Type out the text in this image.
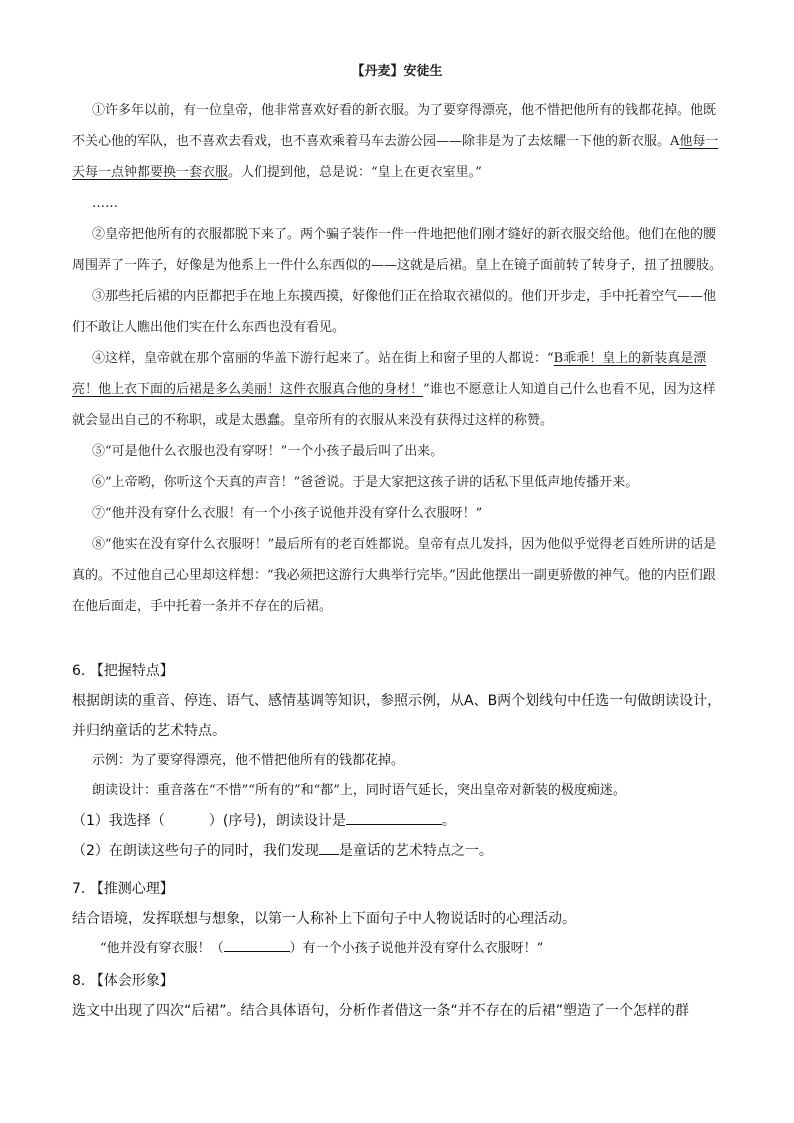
【丹麦】安徒生

①许多年以前，有一位皇帝，他非常喜欢好看的新衣服。为了要穿得漂亮，他不惜把他所有的钱都花掉。他既不关心他的军队，也不喜欢去看戏，也不喜欢乘着马车去游公园——除非是为了去炫耀一下他的新衣服。A他每一天每一点钟都要换一套衣服。人们提到他，总是说：“皇上在更衣室里。”

……

②皇帝把他所有的衣服都脱下来了。两个骗子装作一件一件地把他们刚才缝好的新衣服交给他。他们在他的腰周围弄了一阵子，好像是为他系上一件什么东西似的——这就是后裙。皇上在镜子面前转了转身子，扭了扭腰肢。

③那些托后裙的内臣都把手在地上东摸西摸，好像他们正在拾取衣裙似的。他们开步走，手中托着空气——他们不敢让人瞧出他们实在什么东西也没有看见。

④这样，皇帝就在那个富丽的华盖下游行起来了。站在街上和窗子里的人都说：“B乖乖！皇上的新装真是漂亮！他上衣下面的后裙是多么美丽！这件衣服真合他的身材！”谁也不愿意让人知道自己什么也看不见，因为这样就会显出自己的不称职，或是太愚蠢。皇帝所有的衣服从来没有获得过这样的称赞。

⑤“可是他什么衣服也没有穿呀！”一个小孩子最后叫了出来。

⑥“上帝哟，你听这个天真的声音！”爸爸说。于是大家把这孩子讲的话私下里低声地传播开来。

⑦“他并没有穿什么衣服！有一个小孩子说他并没有穿什么衣服呀！”

⑧“他实在没有穿什么衣服呀！”最后所有的老百姓都说。皇帝有点儿发抖，因为他似乎觉得老百姓所讲的话是真的。不过他自己心里却这样想：“我必须把这游行大典举行完毕。”因此他摆出一副更骄傲的神气。他的内臣们跟在他后面走，手中托着一条并不存在的后裙。

6. 【把握特点】

根据朗读的重音、停连、语气、感情基调等知识，参照示例，从A、B两个划线句中任选一句做朗读设计，并归纳童话的艺术特点。

示例：为了要穿得漂亮，他不惜把他所有的钱都花掉。

朗读设计：重音落在“不惜”“所有的”和“都”上，同时语气延长，突出皇帝对新装的极度痴迷。

（1）我选择（	）(序号)，朗读设计是	。

（2）在朗读这些句子的同时，我们发现 是童话的艺术特点之一。

7. 【推测心理】

结合语境，发挥联想与想象，以第一人称补上下面句子中人物说话时的心理活动。

“他并没有穿衣服！（	）有一个小孩子说他并没有穿什么衣服呀！”

8. 【体会形象】

选文中出现了四次“后裙”。结合具体语句，分析作者借这一条“并不存在的后裙”塑造了一个怎样的群
